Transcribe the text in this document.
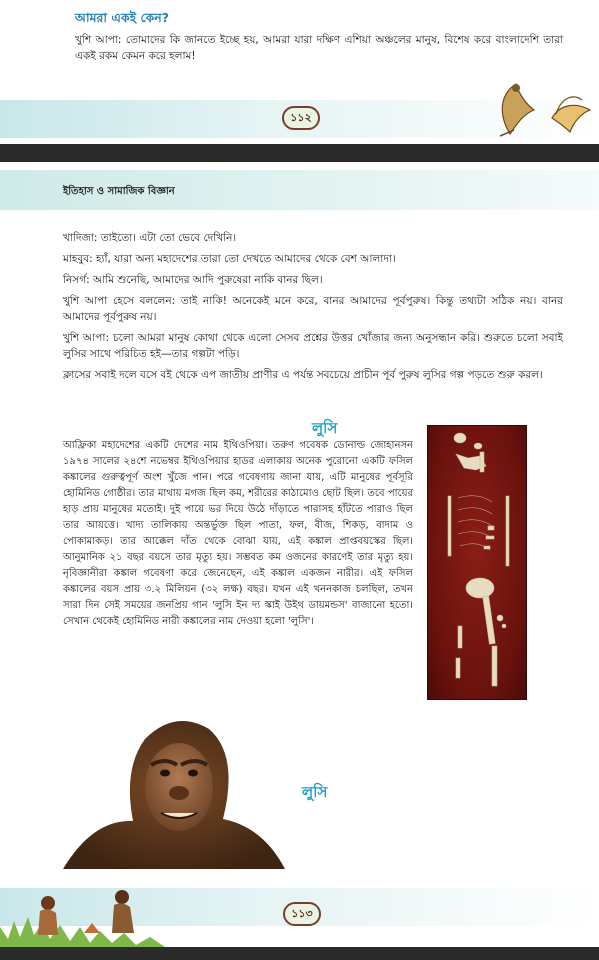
আমরা একই কেন?
খুশি আপা: তোমাদের কি জানতে ইচ্ছে হয়, আমরা যারা দক্ষিণ এশিয়া অঞ্চলের মানুষ, বিশেষ করে বাংলাদেশি তারা একই রকম কেমন করে হলাম!
১১২
ইতিহাস ও সামাজিক বিজ্ঞান
খাদিজা: তাইতো। এটা তো ভেবে দেখিনি।
মাহবুব: হ্যাঁ, যারা অন্য মহাদেশের তারা তো দেখতে আমাদের থেকে বেশ আলাদা।
নিসর্গ: আমি শুনেছি, আমাদের আদি পুরুষেরা নাকি বানর ছিল।
খুশি আপা হেসে বললেন: তাই নাকি! অনেকেই মনে করে, বানর আমাদের পূর্বপুরুষ। কিন্তু তথ্যটা সঠিক নয়। বানর আমাদের পূর্বপুরুষ নয়।
খুশি আপা: চলো আমরা মানুষ কোথা থেকে এলো সেসব প্রশ্নের উত্তর খোঁজার জন্য অনুসন্ধান করি। শুরুতে চলো সবাই লুসির সাথে পরিচিত হই—তার গল্পটা পড়ি।
ক্লাসের সবাই দলে বসে বই থেকে এপ জাতীয় প্রাণীর এ পর্যন্ত সবচেয়ে প্রাচীন পূর্ব পুরুষ লুসির গল্প পড়তে শুরু করল।
লুসি
আফ্রিকা মহাদেশের একটি দেশের নাম ইথিওপিয়া। তরুণ গবেষক ডোনাল্ড জোহানসন ১৯৭৪ সালের ২৪শে নভেম্বর ইথিওপিয়ার হাডর এলাকায় অনেক পুরোনো একটি ফসিল কঙ্কালের গুরুত্বপূর্ণ অংশ খুঁজে পান। পরে গবেষণায় জানা যায়, এটি মানুষের পূর্বসূরি হোমিনিড গোষ্ঠীর। তার মাথায় মগজ ছিল কম, শরীরের কাঠামোও ছোট ছিল। তবে পায়ের হাড় প্রায় মানুষের মতোই। দুই পায়ে ভর দিয়ে উঠে দাঁড়াতে পারাসহ হাঁটতে পারাও ছিল তার আয়ত্তে। খাদ্য তালিকায় অন্তর্ভুক্ত ছিল পাতা, ফল, বীজ, শিকড়, বাদাম ও পোকামাকড়। তার আক্কেল দাঁত থেকে বোঝা যায়, এই কঙ্কাল প্রাপ্তবয়স্কের ছিল। আনুমানিক ২১ বছর বয়সে তার মৃত্যু হয়। সম্ভবত কম ওজনের কারণেই তার মৃত্যু হয়। নৃবিজ্ঞানীরা কঙ্কাল গবেষণা করে জেনেছেন, এই কঙ্কাল একজন নারীর। এই ফসিল কঙ্কালের বয়স প্রায় ৩.২ মিলিয়ন (৩২ লক্ষ) বছর। যখন এই খননকাজ চলছিল, তখন সারা দিন সেই সময়ের জনপ্রিয় গান 'লুসি ইন দ্য স্কাই উইথ ডায়মন্ডস' বাজানো হতো। সেখান থেকেই হোমিনিড নারী কঙ্কালের নাম দেওয়া হলো 'লুসি'।
লুসি
১১৩
